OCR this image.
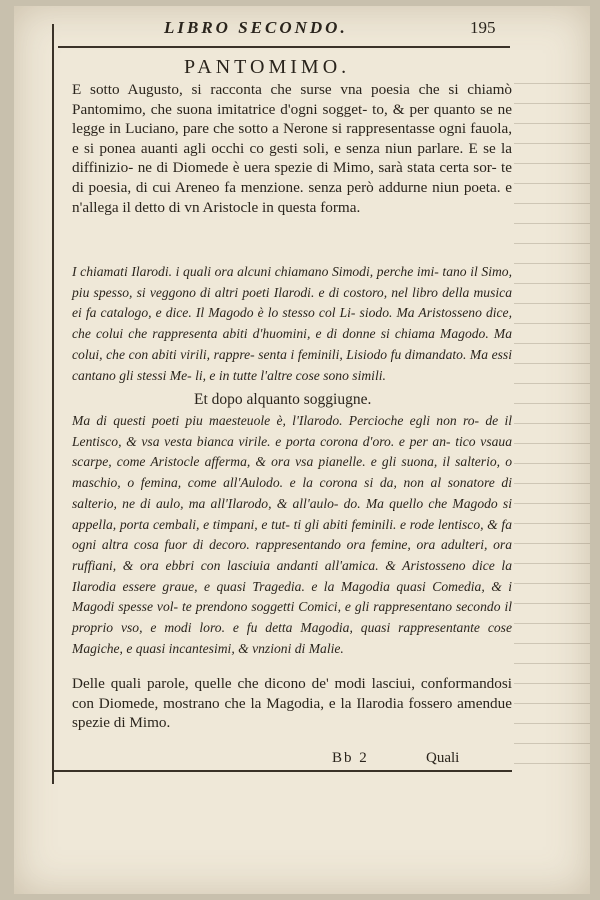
LIBRO SECONDO.	195
PANTOMIMO.
E sotto Augusto, si racconta che surse vna poesia che si chiamò Pantomimo, che suona imitatrice d'ogni sogget- to, & per quanto se ne legge in Luciano, pare che sotto a Nerone si rappresentasse ogni fauola, e si ponea auanti agli occhi co gesti soli, e senza niun parlare. E se la diffinizio- ne di Diomede è uera spezie di Mimo, sarà stata certa sor- te di poesia, di cui Areneo fa menzione. senza però addurne niun poeta. e n'allega il detto di vn Aristocle in questa forma.
I chiamati Ilarodi. i quali ora alcuni chiamano Simodi, perche imi- tano il Simo, piu spesso, si veggono di altri poeti Ilarodi. e di costoro, nel libro della musica ei fa catalogo, e dice. Il Magodo è lo stesso col Li- siodo. Ma Aristosseno dice, che colui che rappresenta abiti d'huomini, e di donne si chiama Magodo. Ma colui, che con abiti virili, rappre- senta i feminili, Lisiodo fu dimandato. Ma essi cantano gli stessi Me- li, e in tutte l'altre cose sono simili.
Et dopo alquanto soggiugne.
Ma di questi poeti piu maesteuole è, l'Ilarodo. Percioche egli non ro- de il Lentisco, & vsa vesta bianca virile. e porta corona d'oro. e per an- tico vsaua scarpe, come Aristocle afferma, & ora vsa pianelle. e gli suona, il salterio, o maschio, o femina, come all'Aulodo. e la corona si da, non al sonatore di salterio, ne di aulo, ma all'Ilarodo, & all'aulo- do. Ma quello che Magodo si appella, porta cembali, e timpani, e tut- ti gli abiti feminili. e rode lentisco, & fa ogni altra cosa fuor di decoro. rappresentando ora femine, ora adulteri, ora ruffiani, & ora ebbri con lasciuia andanti all'amica. & Aristosseno dice la Ilarodia essere graue, e quasi Tragedia. e la Magodia quasi Comedia, & i Magodi spesse vol- te prendono soggetti Comici, e gli rappresentano secondo il proprio vso, e modi loro. e fu detta Magodia, quasi rappresentante cose Magiche, e quasi incantesimi, & vnzioni di Malie.
Delle quali parole, quelle che dicono de' modi lasciui, conformandosi con Diomede, mostrano che la Magodia, e la Ilarodia fossero amendue spezie di Mimo.
Bb 2	Quali
